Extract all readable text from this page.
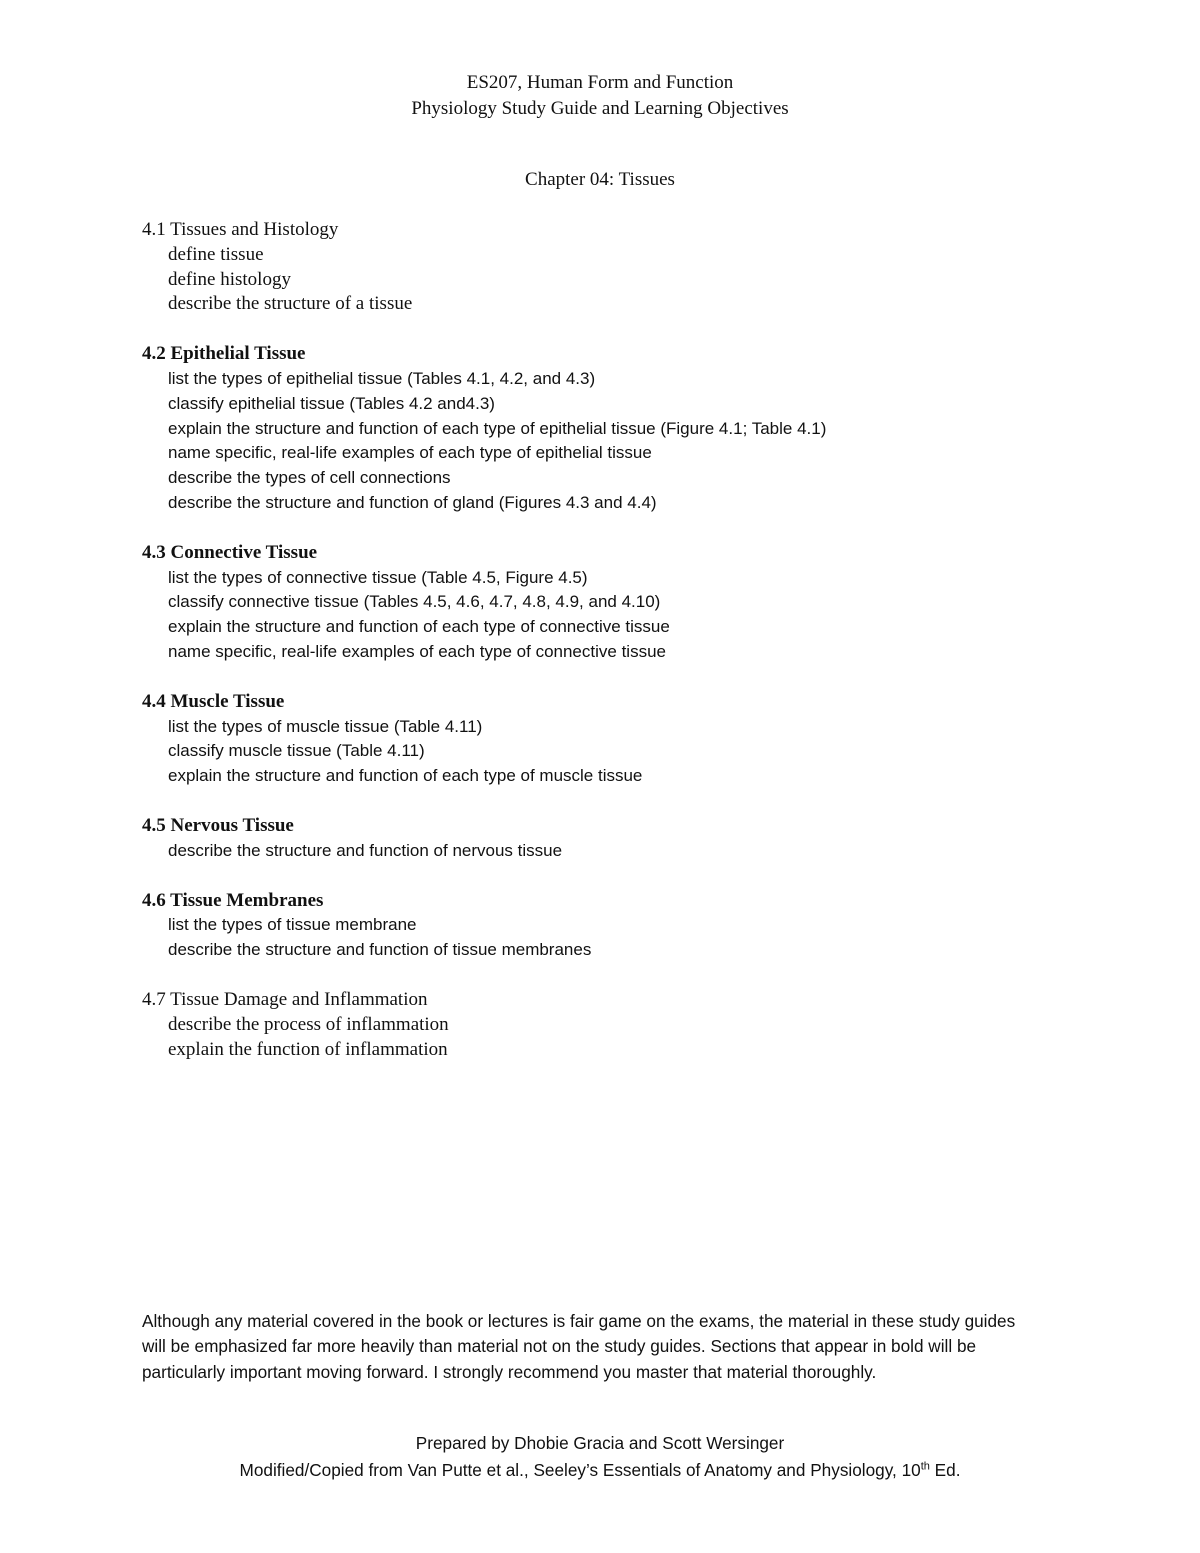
ES207, Human Form and Function
Physiology Study Guide and Learning Objectives
Chapter 04: Tissues
4.1 Tissues and Histology
define tissue
define histology
describe the structure of a tissue
4.2 Epithelial Tissue
list the types of epithelial tissue (Tables 4.1, 4.2, and 4.3)
classify epithelial tissue (Tables 4.2 and4.3)
explain the structure and function of each type of epithelial tissue (Figure 4.1; Table 4.1)
name specific, real-life examples of each type of epithelial tissue
describe the types of cell connections
describe the structure and function of gland (Figures 4.3 and 4.4)
4.3 Connective Tissue
list the types of connective tissue (Table 4.5, Figure 4.5)
classify connective tissue (Tables 4.5, 4.6, 4.7, 4.8, 4.9, and 4.10)
explain the structure and function of each type of connective tissue
name specific, real-life examples of each type of connective tissue
4.4 Muscle Tissue
list the types of muscle tissue (Table 4.11)
classify muscle tissue (Table 4.11)
explain the structure and function of each type of muscle tissue
4.5 Nervous Tissue
describe the structure and function of nervous tissue
4.6 Tissue Membranes
list the types of tissue membrane
describe the structure and function of tissue membranes
4.7 Tissue Damage and Inflammation
describe the process of inflammation
explain the function of inflammation
Although any material covered in the book or lectures is fair game on the exams, the material in these study guides will be emphasized far more heavily than material not on the study guides. Sections that appear in bold will be particularly important moving forward. I strongly recommend you master that material thoroughly.
Prepared by Dhobie Gracia and Scott Wersinger
Modified/Copied from Van Putte et al., Seeley’s Essentials of Anatomy and Physiology, 10th Ed.
